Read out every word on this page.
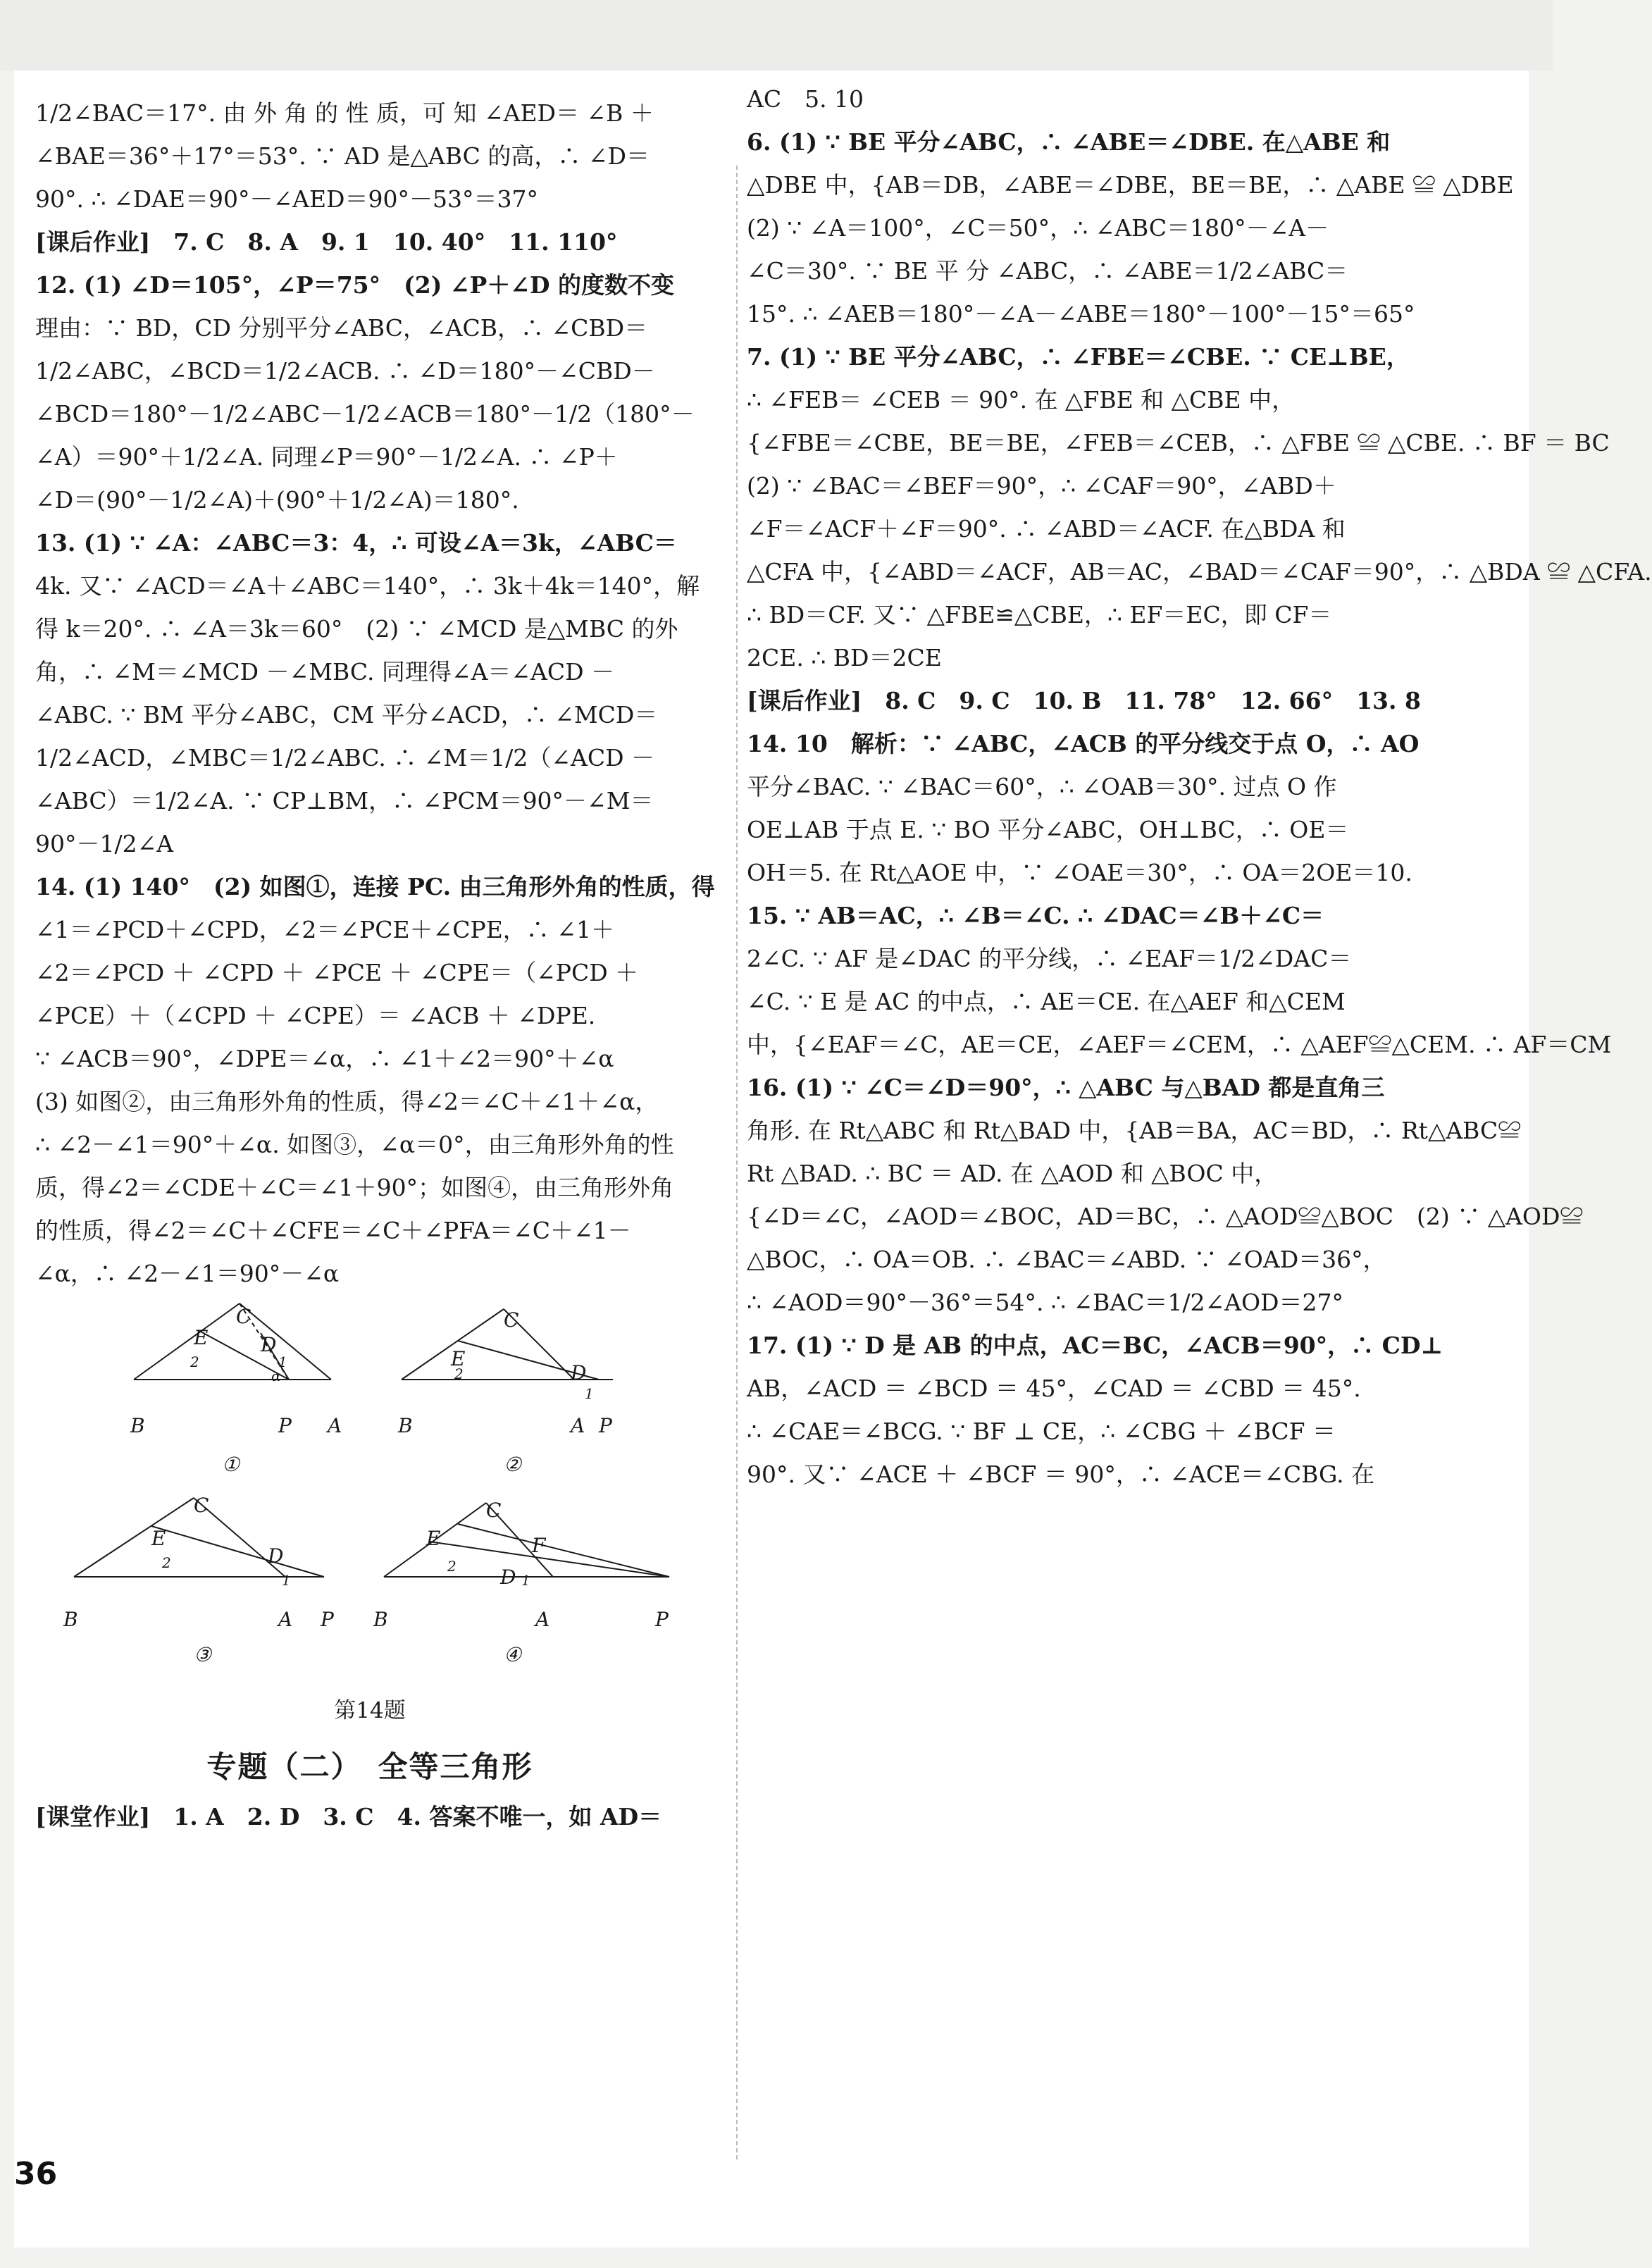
1/2∠BAC＝17°. 由 外 角 的 性 质，可 知 ∠AED＝ ∠B ＋
∠BAE＝36°＋17°＝53°. ∵ AD 是△ABC 的高，∴ ∠D＝
90°. ∴ ∠DAE＝90°－∠AED＝90°－53°＝37°
[课后作业]　7. C　8. A　9. 1　10. 40°　11. 110°
12. (1) ∠D＝105°，∠P＝75°　(2) ∠P＋∠D 的度数不变
理由：∵ BD，CD 分别平分∠ABC，∠ACB，∴ ∠CBD＝
1/2∠ABC，∠BCD＝1/2∠ACB. ∴ ∠D＝180°－∠CBD－
∠BCD＝180°－1/2∠ABC－1/2∠ACB＝180°－1/2（180°－
∠A）＝90°＋1/2∠A. 同理∠P＝90°－1/2∠A. ∴ ∠P＋
∠D＝(90°－1/2∠A)＋(90°＋1/2∠A)＝180°.
13. (1) ∵ ∠A：∠ABC＝3：4，∴ 可设∠A＝3k，∠ABC＝
4k. 又∵ ∠ACD＝∠A＋∠ABC＝140°，∴ 3k＋4k＝140°，解
得 k＝20°. ∴ ∠A＝3k＝60°　(2) ∵ ∠MCD 是△MBC 的外
角，∴ ∠M＝∠MCD －∠MBC. 同理得∠A＝∠ACD －
∠ABC. ∵ BM 平分∠ABC，CM 平分∠ACD，∴ ∠MCD＝
1/2∠ACD，∠MBC＝1/2∠ABC. ∴ ∠M＝1/2（∠ACD －
∠ABC）＝1/2∠A. ∵ CP⊥BM，∴ ∠PCM＝90°－∠M＝
90°－1/2∠A
14. (1) 140°　(2) 如图①，连接 PC. 由三角形外角的性质，得
∠1＝∠PCD＋∠CPD，∠2＝∠PCE＋∠CPE，∴ ∠1＋
∠2＝∠PCD ＋ ∠CPD ＋ ∠PCE ＋ ∠CPE＝（∠PCD ＋
∠PCE）＋（∠CPD ＋ ∠CPE）＝ ∠ACB ＋ ∠DPE.
∵ ∠ACB＝90°，∠DPE＝∠α，∴ ∠1＋∠2＝90°＋∠α
(3) 如图②，由三角形外角的性质，得∠2＝∠C＋∠1＋∠α，
∴ ∠2－∠1＝90°＋∠α. 如图③，∠α＝0°，由三角形外角的性
质，得∠2＝∠CDE＋∠C＝∠1＋90°；如图④，由三角形外角
的性质，得∠2＝∠C＋∠CFE＝∠C＋∠PFA＝∠C＋∠1－
∠α，∴ ∠2－∠1＝90°－∠α
E
C
D
2
α
1
B	P A
①
E
C
D
2
1
B	A P
②
C
E
D
2
1
B	A P
③
C
E	F
D
2
1
B	A	P
④
第14题
专题（二）　全等三角形
[课堂作业]　1. A　2. D　3. C　4. 答案不唯一，如 AD＝
AC　5. 10
6. (1) ∵ BE 平分∠ABC，∴ ∠ABE＝∠DBE. 在△ABE 和
△DBE 中，{AB＝DB，∠ABE＝∠DBE，BE＝BE，∴ △ABE ≌ △DBE
(2) ∵ ∠A＝100°，∠C＝50°，∴ ∠ABC＝180°－∠A－
∠C＝30°. ∵ BE 平 分 ∠ABC，∴ ∠ABE＝1/2∠ABC＝
15°. ∴ ∠AEB＝180°－∠A－∠ABE＝180°－100°－15°＝65°
7. (1) ∵ BE 平分∠ABC，∴ ∠FBE＝∠CBE. ∵ CE⊥BE，
∴ ∠FEB＝ ∠CEB ＝ 90°. 在 △FBE 和 △CBE 中，
{∠FBE＝∠CBE，BE＝BE，∠FEB＝∠CEB，∴ △FBE ≌ △CBE. ∴ BF ＝ BC
(2) ∵ ∠BAC＝∠BEF＝90°，∴ ∠CAF＝90°，∠ABD＋
∠F＝∠ACF＋∠F＝90°. ∴ ∠ABD＝∠ACF. 在△BDA 和
△CFA 中，{∠ABD＝∠ACF，AB＝AC，∠BAD＝∠CAF＝90°，∴ △BDA ≌ △CFA.
∴ BD＝CF. 又∵ △FBE≌△CBE，∴ EF＝EC，即 CF＝
2CE. ∴ BD＝2CE
[课后作业]　8. C　9. C　10. B　11. 78°　12. 66°　13. 8
14. 10　解析：∵ ∠ABC，∠ACB 的平分线交于点 O，∴ AO
平分∠BAC. ∵ ∠BAC＝60°，∴ ∠OAB＝30°. 过点 O 作
OE⊥AB 于点 E. ∵ BO 平分∠ABC，OH⊥BC，∴ OE＝
OH＝5. 在 Rt△AOE 中，∵ ∠OAE＝30°，∴ OA＝2OE＝10.
15. ∵ AB＝AC，∴ ∠B＝∠C. ∴ ∠DAC＝∠B＋∠C＝
2∠C. ∵ AF 是∠DAC 的平分线，∴ ∠EAF＝1/2∠DAC＝
∠C. ∵ E 是 AC 的中点，∴ AE＝CE. 在△AEF 和△CEM
中，{∠EAF＝∠C，AE＝CE，∠AEF＝∠CEM，∴ △AEF≌△CEM. ∴ AF＝CM
16. (1) ∵ ∠C＝∠D＝90°，∴ △ABC 与△BAD 都是直角三
角形. 在 Rt△ABC 和 Rt△BAD 中，{AB＝BA，AC＝BD，∴ Rt△ABC≌
Rt △BAD. ∴ BC ＝ AD. 在 △AOD 和 △BOC 中，
{∠D＝∠C，∠AOD＝∠BOC，AD＝BC，∴ △AOD≌△BOC　(2) ∵ △AOD≌
△BOC，∴ OA＝OB. ∴ ∠BAC＝∠ABD. ∵ ∠OAD＝36°，
∴ ∠AOD＝90°－36°＝54°. ∴ ∠BAC＝1/2∠AOD＝27°
17. (1) ∵ D 是 AB 的中点，AC＝BC，∠ACB＝90°，∴ CD⊥
AB，∠ACD ＝ ∠BCD ＝ 45°，∠CAD ＝ ∠CBD ＝ 45°.
∴ ∠CAE＝∠BCG. ∵ BF ⊥ CE，∴ ∠CBG ＋ ∠BCF ＝
90°. 又∵ ∠ACE ＋ ∠BCF ＝ 90°，∴ ∠ACE＝∠CBG. 在
36
